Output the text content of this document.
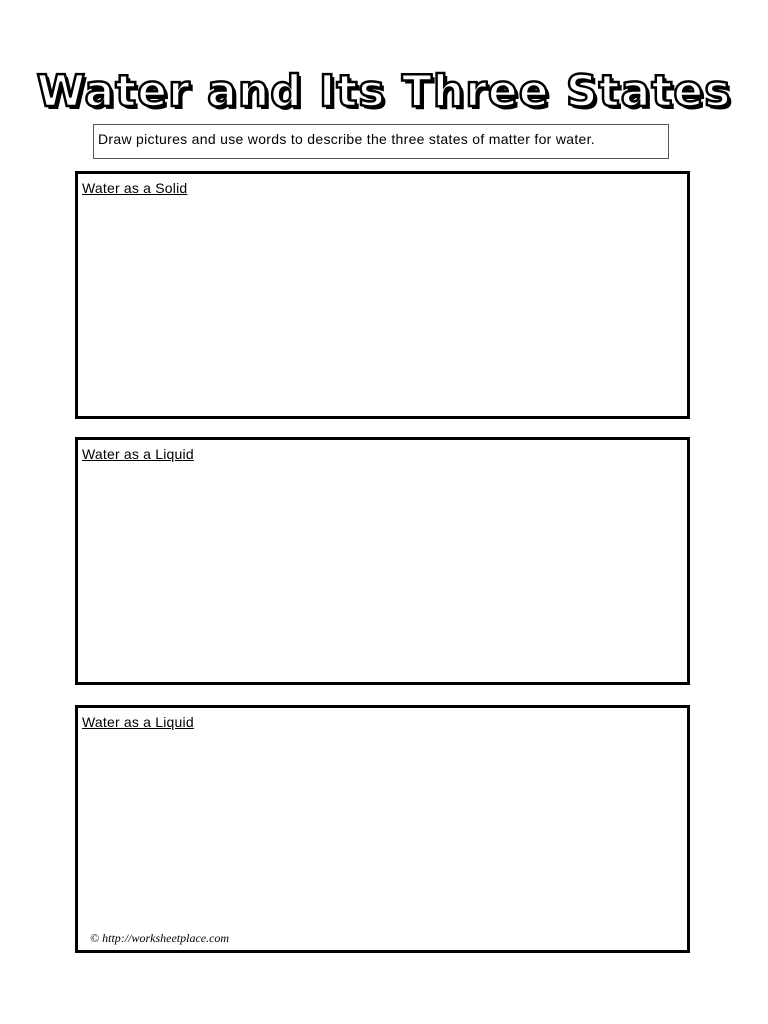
Water and Its Three States
Draw pictures and use words to describe the three states of matter for water.
Water as a Solid
Water as a Liquid
Water as a Liquid
© http://worksheetplace.com
